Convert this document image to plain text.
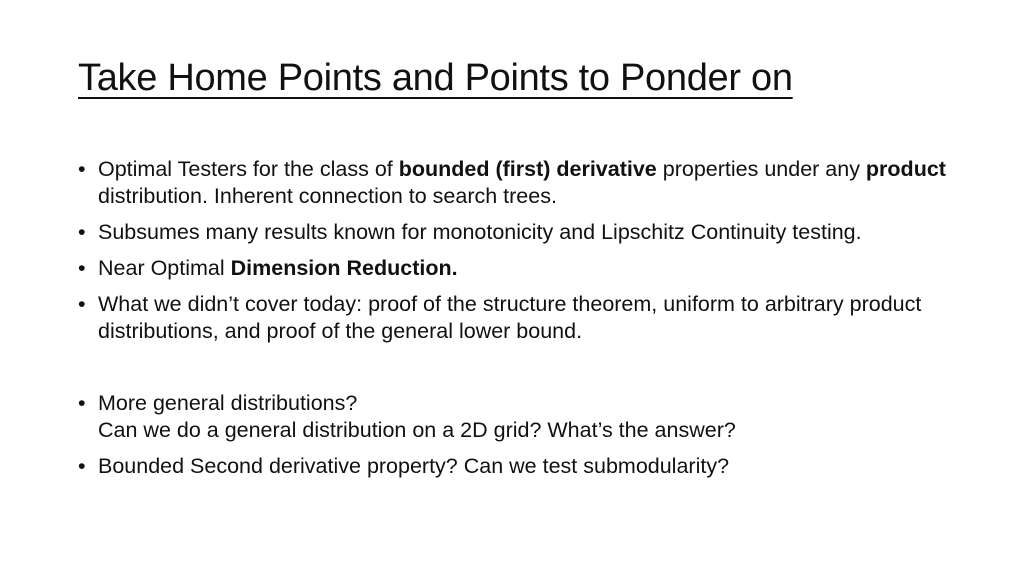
Take Home Points and Points to Ponder on
• Optimal Testers for the class of bounded (first) derivative properties under any product distribution. Inherent connection to search trees.
• Subsumes many results known for monotonicity and Lipschitz Continuity testing.
• Near Optimal Dimension Reduction.
• What we didn’t cover today: proof of the structure theorem, uniform to arbitrary product distributions, and proof of the general lower bound.
• More general distributions?
Can we do a general distribution on a 2D grid? What’s the answer?
• Bounded Second derivative property? Can we test submodularity?
